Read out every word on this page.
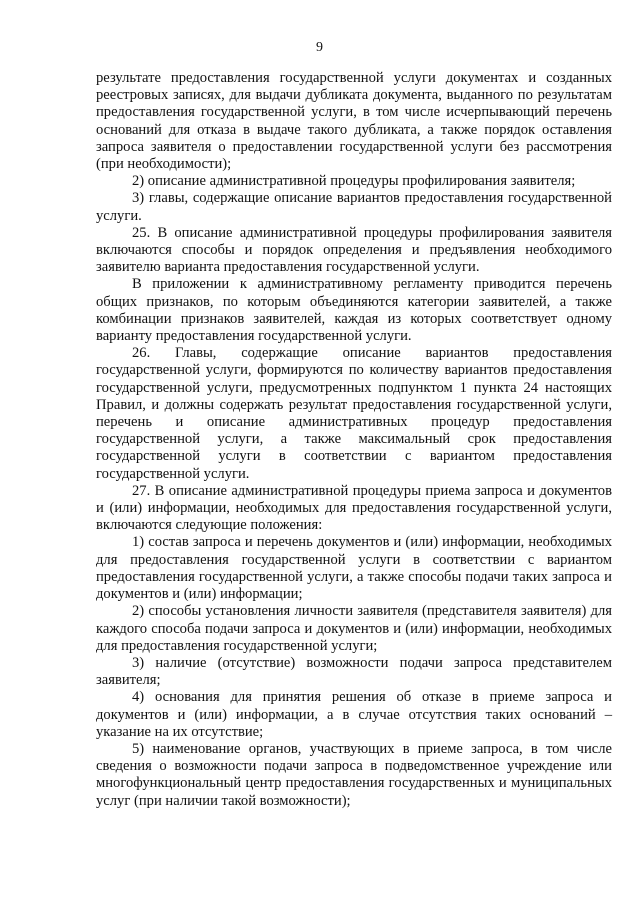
9

результате предоставления государственной услуги документах и созданных реестровых записях, для выдачи дубликата документа, выданного по результатам предоставления государственной услуги, в том числе исчерпывающий перечень оснований для отказа в выдаче такого дубликата, а также порядок оставления запроса заявителя о предоставлении государственной услуги без рассмотрения (при необходимости);

2) описание административной процедуры профилирования заявителя;

3) главы, содержащие описание вариантов предоставления государственной услуги.

25. В описание административной процедуры профилирования заявителя включаются способы и порядок определения и предъявления необходимого заявителю варианта предоставления государственной услуги.

В приложении к административному регламенту приводится перечень общих признаков, по которым объединяются категории заявителей, а также комбинации признаков заявителей, каждая из которых соответствует одному варианту предоставления государственной услуги.

26. Главы, содержащие описание вариантов предоставления государственной услуги, формируются по количеству вариантов предоставления государственной услуги, предусмотренных подпунктом 1 пункта 24 настоящих Правил, и должны содержать результат предоставления государственной услуги, перечень и описание административных процедур предоставления государственной услуги, а также максимальный срок предоставления государственной услуги в соответствии с вариантом предоставления государственной услуги.

27. В описание административной процедуры приема запроса и документов и (или) информации, необходимых для предоставления государственной услуги, включаются следующие положения:

1) состав запроса и перечень документов и (или) информации, необходимых для предоставления государственной услуги в соответствии с вариантом предоставления государственной услуги, а также способы подачи таких запроса и документов и (или) информации;

2) способы установления личности заявителя (представителя заявителя) для каждого способа подачи запроса и документов и (или) информации, необходимых для предоставления государственной услуги;

3) наличие (отсутствие) возможности подачи запроса представителем заявителя;

4) основания для принятия решения об отказе в приеме запроса и документов и (или) информации, а в случае отсутствия таких оснований – указание на их отсутствие;

5) наименование органов, участвующих в приеме запроса, в том числе сведения о возможности подачи запроса в подведомственное учреждение или многофункциональный центр предоставления государственных и муниципальных услуг (при наличии такой возможности);
